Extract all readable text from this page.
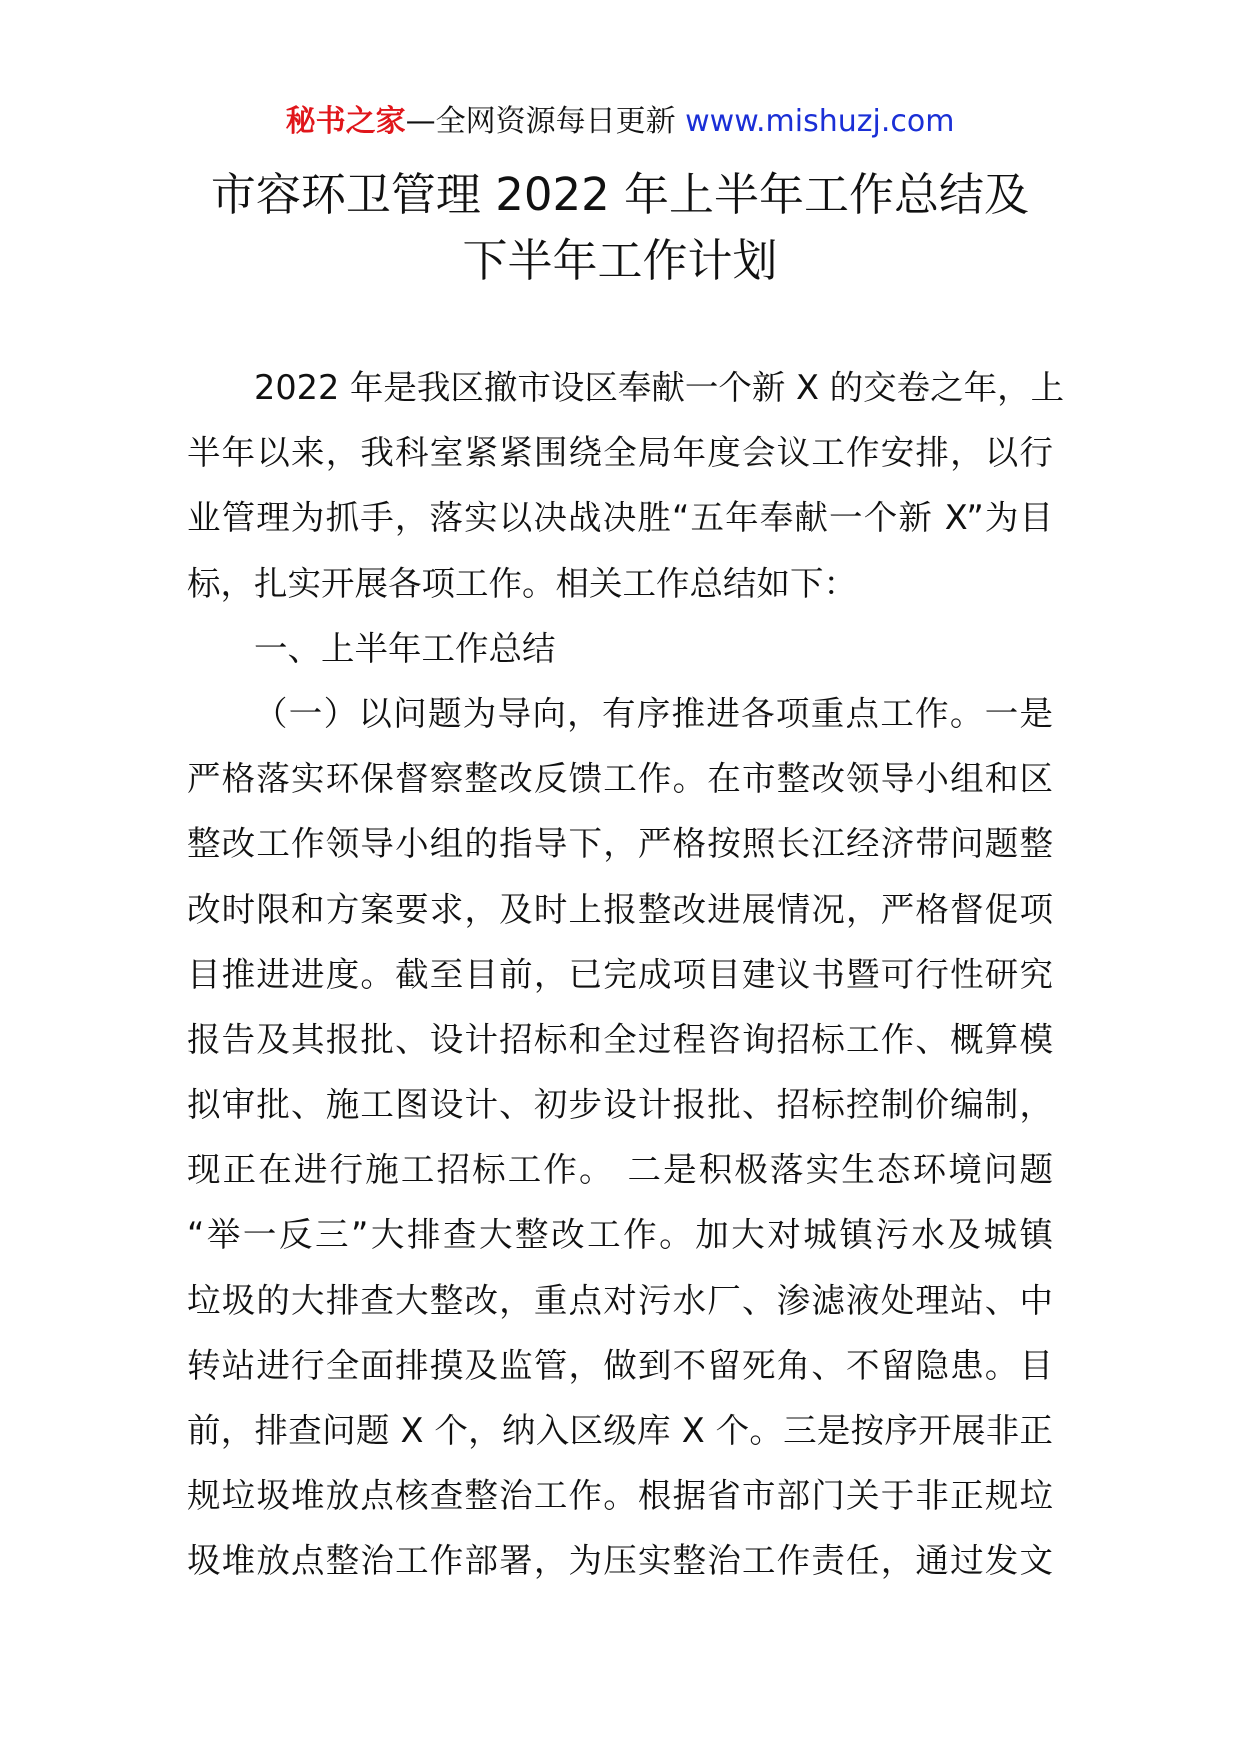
秘书之家—全网资源每日更新 www.mishuzj.com
市容环卫管理 2022 年上半年工作总结及
下半年工作计划
2022 年是我区撤市设区奉献一个新 X 的交卷之年，上
半年以来，我科室紧紧围绕全局年度会议工作安排，以行
业管理为抓手，落实以决战决胜“五年奉献一个新 X”为目
标，扎实开展各项工作。相关工作总结如下：
一、上半年工作总结
（一）以问题为导向，有序推进各项重点工作。一是
严格落实环保督察整改反馈工作。在市整改领导小组和区
整改工作领导小组的指导下，严格按照长江经济带问题整
改时限和方案要求，及时上报整改进展情况，严格督促项
目推进进度。截至目前，已完成项目建议书暨可行性研究
报告及其报批、设计招标和全过程咨询招标工作、概算模
拟审批、施工图设计、初步设计报批、招标控制价编制，
现正在进行施工招标工作。 二是积极落实生态环境问题
“举一反三”大排查大整改工作。加大对城镇污水及城镇
垃圾的大排查大整改，重点对污水厂、渗滤液处理站、中
转站进行全面排摸及监管，做到不留死角、不留隐患。目
前，排查问题 X 个，纳入区级库 X 个。三是按序开展非正
规垃圾堆放点核查整治工作。根据省市部门关于非正规垃
圾堆放点整治工作部署，为压实整治工作责任，通过发文
